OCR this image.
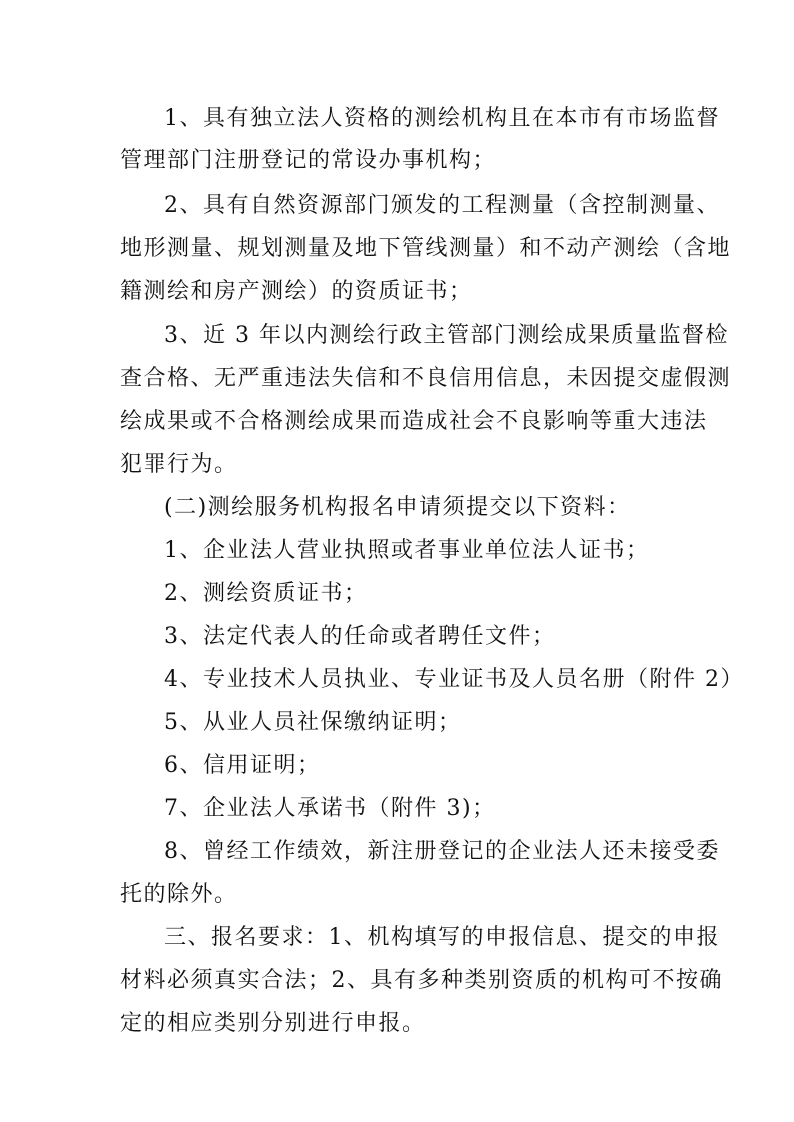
1、具有独立法人资格的测绘机构且在本市有市场监督
管理部门注册登记的常设办事机构；
2、具有自然资源部门颁发的工程测量（含控制测量、
地形测量、规划测量及地下管线测量）和不动产测绘（含地
籍测绘和房产测绘）的资质证书；
3、近 3 年以内测绘行政主管部门测绘成果质量监督检
查合格、无严重违法失信和不良信用信息，未因提交虚假测
绘成果或不合格测绘成果而造成社会不良影响等重大违法
犯罪行为。
(二)测绘服务机构报名申请须提交以下资料：
1、企业法人营业执照或者事业单位法人证书；
2、测绘资质证书；
3、法定代表人的任命或者聘任文件；
4、专业技术人员执业、专业证书及人员名册（附件 2）
5、从业人员社保缴纳证明；
6、信用证明；
7、企业法人承诺书（附件 3)；
8、曾经工作绩效，新注册登记的企业法人还未接受委
托的除外。
三、报名要求：1、机构填写的申报信息、提交的申报
材料必须真实合法；2、具有多种类别资质的机构可不按确
定的相应类别分别进行申报。
